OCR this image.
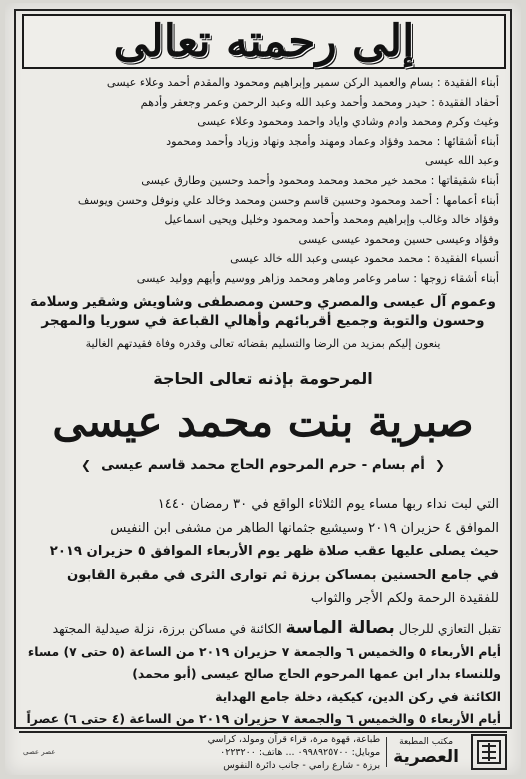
إلى رحمته تعالى
أبناء الفقيدة : بسام والعميد الركن سمير وإبراهيم ومحمود والمقدم أحمد وعلاء عيسى
أحفاد الفقيدة : حيدر ومحمد وأحمد وعبد الله وعبد الرحمن وعمر وجعفر وأدهم
وغيث وكرم ومحمد وادم وشادي واياد واحمد ومحمود وعلاء عيسى
أبناء أشقائها : محمد وفؤاد وعماد ومهند وأمجد ونهاد وزياد وأحمد ومحمود
وعبد الله عيسى
أبناء شقيقاتها : محمد خير محمد ومحمد ومحمود وأحمد وحسين وطارق عيسى
أبناء أعمامها : أحمد ومحمود وحسين قاسم وحسن ومحمد وخالد علي ونوفل وحسن ويوسف
وفؤاد خالد وغالب وإبراهيم ومحمد وأحمد ومحمود وخليل ويحيى اسماعيل
وفؤاد وعيسى حسين ومحمود عيسى عيسى
أنسباء الفقيدة : محمد محمود عيسى وعبد الله خالد عيسى
أبناء أشقاء زوجها : سامر وعامر وماهر ومحمد وزاهر ووسيم وأيهم ووليد عيسى
وعموم آل عيسى والمصري وحسن ومصطفى وشاويش وشقير وسلامة
وحسون والتوبة وجميع أقربائهم وأهالي القباعة في سوريا والمهجر
ينعون إليكم بمزيد من الرضا والتسليم بقضائه تعالى وقدره وفاة فقيدتهم الغالية
المرحومة بإذنه تعالى الحاجة
صبرية بنت محمد عيسى
❮أم بسام - حرم المرحوم الحاج محمد قاسم عيسى❯
التي لبت نداء ربها مساء يوم الثلاثاء الواقع في ٣٠ رمضان ١٤٤٠
الموافق ٤ حزيران ٢٠١٩ وسيشيع جثمانها الطاهر من مشفى ابن النفيس
حيث يصلى عليها عقب صلاة ظهر يوم الأربعاء الموافق ٥ حزيران ٢٠١٩
في جامع الحسنين بمساكن برزة ثم توارى الثرى في مقبرة القابون
للفقيدة الرحمة ولكم الأجر والثواب
تقبل التعازي للرجال بصالة الماسة الكائنة في مساكن برزة، نزلة صيدلية المجتهد
أيام الأربعاء ٥ والخميس ٦ والجمعة ٧ حزيران ٢٠١٩ من الساعة (٥ حتى ٧) مساء
وللنساء بدار ابن عمها المرحوم الحاج صالح عيسى (أبو محمد)
الكائنة في ركن الدين، كيكية، دخلة جامع الهداية
أيام الأربعاء ٥ والخميس ٦ والجمعة ٧ حزيران ٢٠١٩ من الساعة (٤ حتى ٦) عصراً
مكتب المطبعة
العصرية
طباعة، قهوة مرة، قراء قرآن ومولد، كراسي
موبايل: ٠٩٩٨٩٢٥٧٠٠ ... هاتف: ٠٢٢٣٢٠٠
برزة - شارع رامي - جانب دائرة النفوس
عصر عصى
